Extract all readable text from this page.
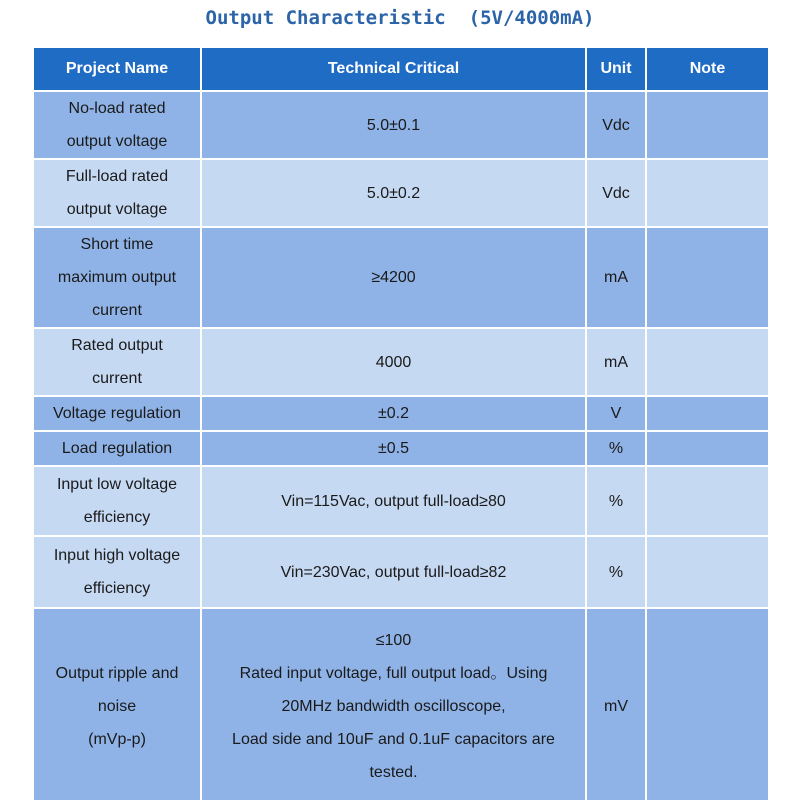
Output Characteristic  (5V/4000mA)
Project Name	Technical Critical	Unit	Note

No-load rated
output voltage	5.0±0.1	Vdc	

Full-load rated
output voltage	5.0±0.2	Vdc	

Short time
maximum output
current	≥4200	mA	

Rated output
current	4000	mA	

Voltage regulation	±0.2	V	

Load regulation	±0.5	%	

Input low voltage
efficiency	Vin=115Vac, output full-load≥80	%	

Input high voltage
efficiency	Vin=230Vac, output full-load≥82	%	

Output ripple and
noise
(mVp-p)	≤100
Rated input voltage, full output load。Using
20MHz bandwidth oscilloscope,
Load side and 10uF and 0.1uF capacitors are
tested.	mV	
